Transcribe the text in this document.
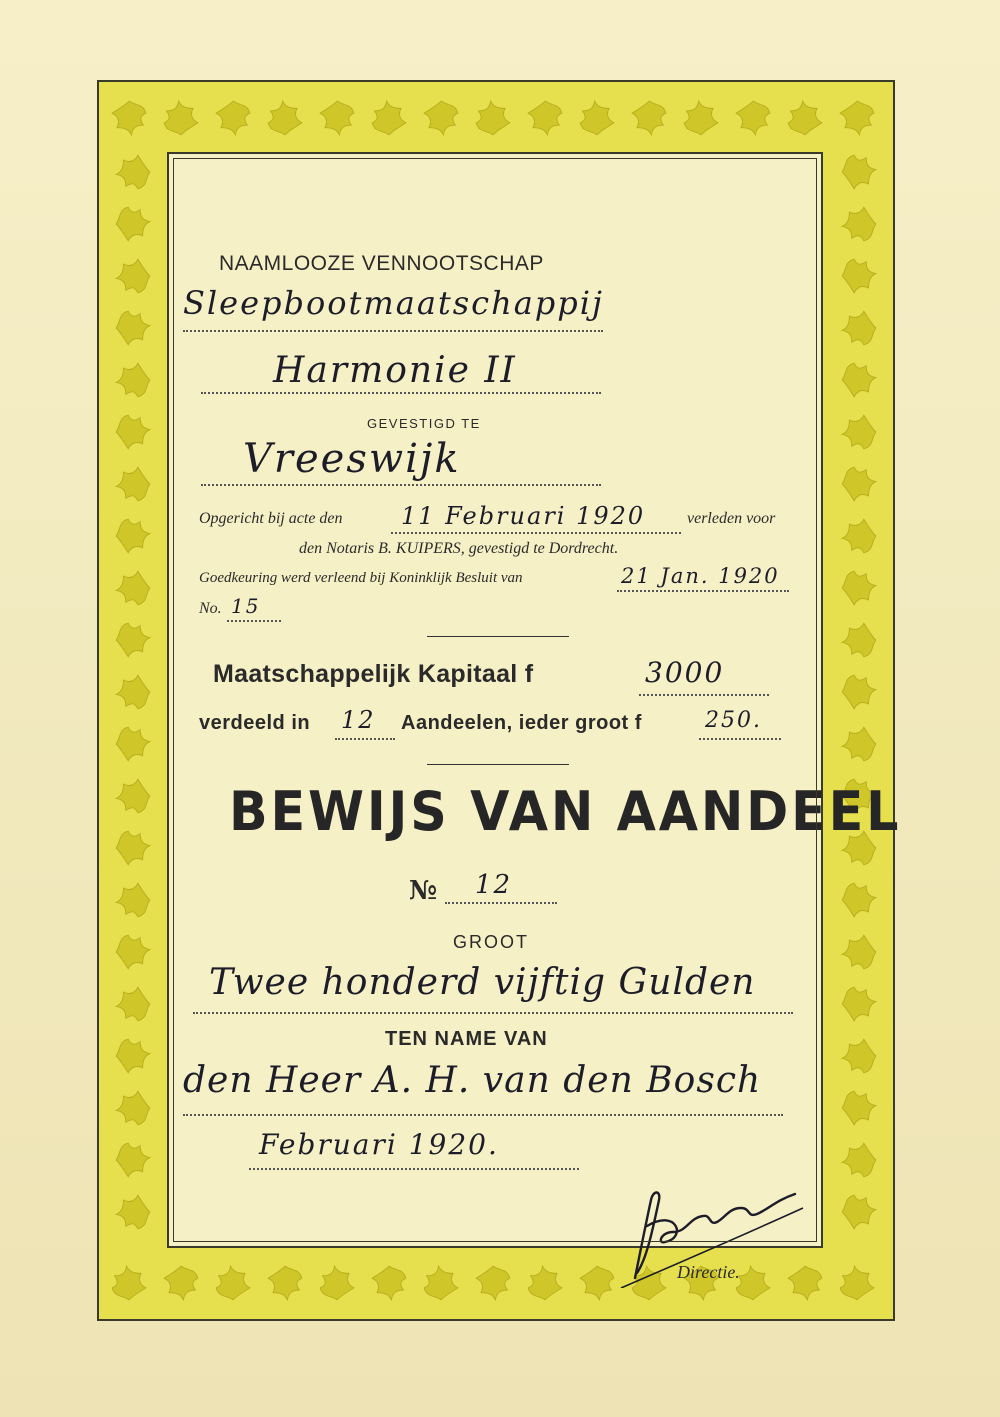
NAAMLOOZE VENNOOTSCHAP
Sleepbootmaatschappij
Harmonie II
GEVESTIGD TE
Vreeswijk
Opgericht bij acte den 11 Februari 1920	verleden voor
den Notaris B. KUIPERS, gevestigd te Dordrecht.
Goedkeuring werd verleend bij Koninklijk Besluit van	21 Jan. 1920
No. 15
Maatschappelijk Kapitaal f	3000
verdeeld in 12 Aandeelen, ieder groot f	250.
BEWIJS VAN AANDEEL
№ 12
GROOT
Twee honderd vijftig Gulden
TEN NAME VAN
den Heer A. H. van den Bosch
Februari 1920.
Directie.
